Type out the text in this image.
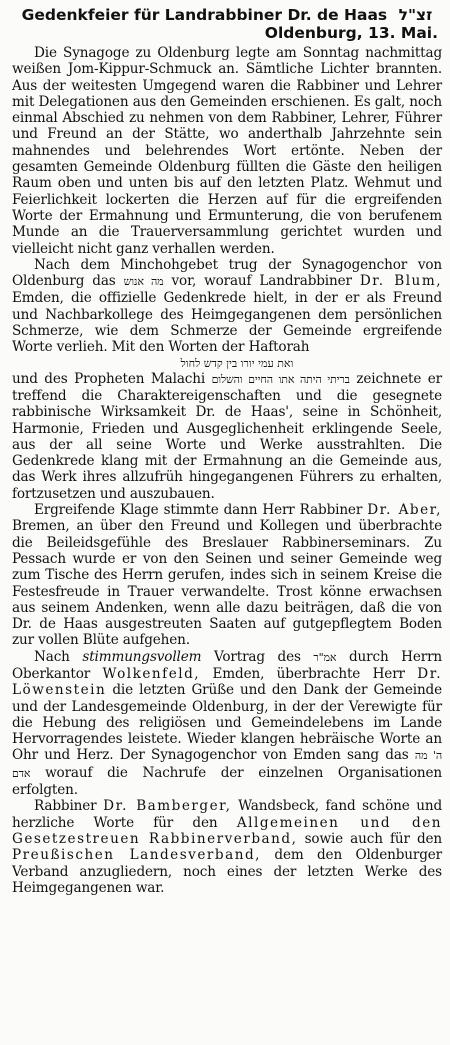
Gedenkfeier für Landrabbiner Dr. de Haas זצ"ל

Oldenburg, 13. Mai.

Die Synagoge zu Oldenburg legte am Sonntag nachmittag weißen Jom-Kippur-Schmuck an. Sämtliche Lichter brannten. Aus der weitesten Umgegend waren die Rabbiner und Lehrer mit Delegationen aus den Gemeinden erschienen. Es galt, noch einmal Abschied zu nehmen von dem Rabbiner, Lehrer, Führer und Freund an der Stätte, wo anderthalb Jahrzehnte sein mahnendes und belehrendes Wort ertönte. Neben der gesamten Gemeinde Oldenburg füllten die Gäste den heiligen Raum oben und unten bis auf den letzten Platz. Wehmut und Feierlichkeit lockerten die Herzen auf für die ergreifenden Worte der Ermahnung und Ermunterung, die von berufenem Munde an die Trauerversammlung gerichtet wurden und vielleicht nicht ganz verhallen werden.

Nach dem Minchohgebet trug der Synagogenchor von Oldenburg das מה אנוש vor, worauf Landrabbiner Dr. Blum, Emden, die offizielle Gedenkrede hielt, in der er als Freund und Nachbarkollege des Heimgegangenen dem persönlichen Schmerze, wie dem Schmerze der Gemeinde ergreifende Worte verlieh. Mit den Worten der Haftorah

ואת עמי יורו בין קדש לחול

und des Propheten Malachi בריתי היתה אתו החיים והשלום zeichnete er treffend die Charaktereigenschaften und die gesegnete rabbinische Wirksamkeit Dr. de Haas', seine in Schönheit, Harmonie, Frieden und Ausgeglichenheit erklingende Seele, aus der all seine Worte und Werke ausstrahlten. Die Gedenkrede klang mit der Ermahnung an die Gemeinde aus, das Werk ihres allzufrüh hingegangenen Führers zu erhalten, fortzusetzen und auszubauen.

Ergreifende Klage stimmte dann Herr Rabbiner Dr. Aber, Bremen, an über den Freund und Kollegen und überbrachte die Beileidsgefühle des Breslauer Rabbinerseminars. Zu Pessach wurde er von den Seinen und seiner Gemeinde weg zum Tische des Herrn gerufen, indes sich in seinem Kreise die Festesfreude in Trauer verwandelte. Trost könne erwachsen aus seinem Andenken, wenn alle dazu beiträgen, daß die von Dr. de Haas ausgestreuten Saaten auf gutgepflegtem Boden zur vollen Blüte aufgehen.

Nach stimmungsvollem Vortrag des אמ"ר durch Herrn Oberkantor Wolkenfeld, Emden, überbrachte Herr Dr. Löwenstein die letzten Grüße und den Dank der Gemeinde und der Landesgemeinde Oldenburg, in der der Verewigte für die Hebung des religiösen und Gemeindelebens im Lande Hervorragendes leistete. Wieder klangen hebräische Worte an Ohr und Herz. Der Synagogenchor von Emden sang das ה' מה אדם worauf die Nachrufe der einzelnen Organisationen erfolgten.

Rabbiner Dr. Bamberger, Wandsbeck, fand schöne und herzliche Worte für den Allgemeinen und den Gesetzestreuen Rabbinerverband, sowie auch für den Preußischen Landesverband, dem den Oldenburger Verband anzugliedern, noch eines der letzten Werke des Heimgegangenen war.
